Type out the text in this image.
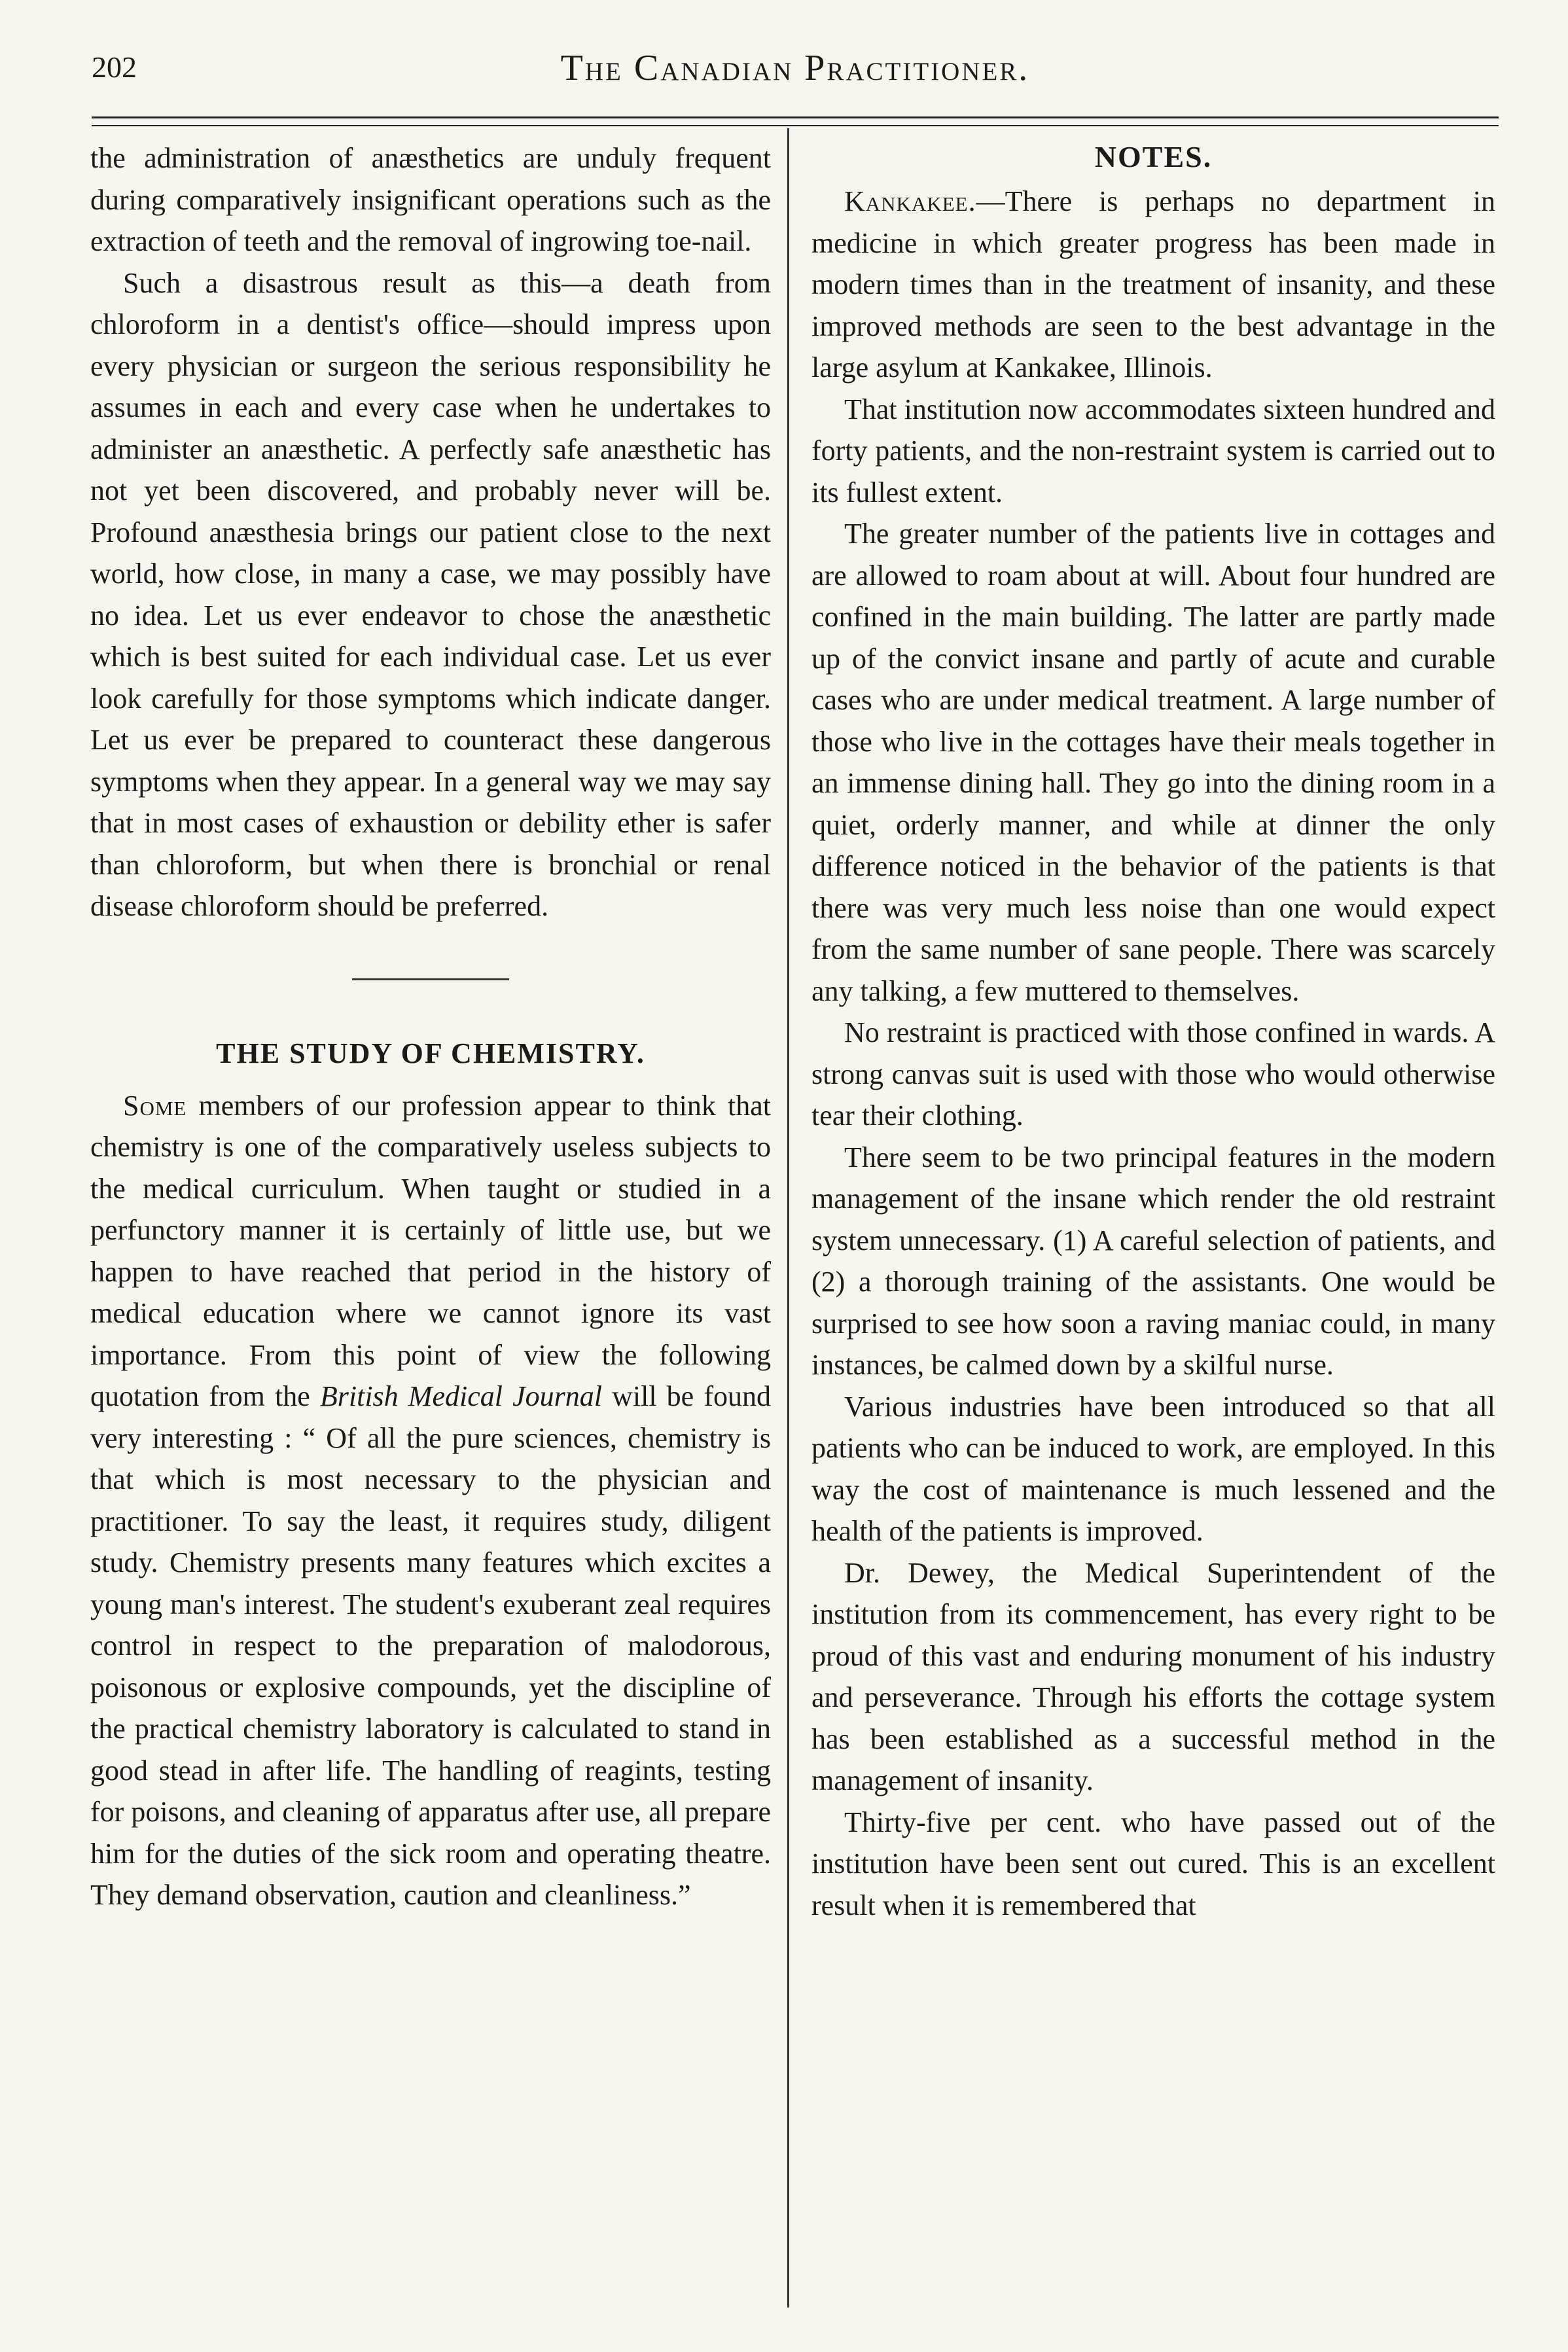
202	The Canadian Practitioner.

the administration of anæsthetics are unduly frequent during comparatively insignificant operations such as the extraction of teeth and the removal of ingrowing toe-nail.

Such a disastrous result as this—a death from chloroform in a dentist's office—should impress upon every physician or surgeon the serious responsibility he assumes in each and every case when he undertakes to administer an anæsthetic. A perfectly safe anæsthetic has not yet been discovered, and probably never will be. Profound anæsthesia brings our patient close to the next world, how close, in many a case, we may possibly have no idea. Let us ever endeavor to chose the anæsthetic which is best suited for each individual case. Let us ever look carefully for those symptoms which indicate danger. Let us ever be prepared to counteract these dangerous symptoms when they appear. In a general way we may say that in most cases of exhaustion or debility ether is safer than chloroform, but when there is bronchial or renal disease chloroform should be preferred.

THE STUDY OF CHEMISTRY.

Some members of our profession appear to think that chemistry is one of the comparatively useless subjects to the medical curriculum. When taught or studied in a perfunctory manner it is certainly of little use, but we happen to have reached that period in the history of medical education where we cannot ignore its vast importance. From this point of view the following quotation from the British Medical Journal will be found very interesting : “ Of all the pure sciences, chemistry is that which is most necessary to the physician and practitioner. To say the least, it requires study, diligent study. Chemistry presents many features which excites a young man's interest. The student's exuberant zeal requires control in respect to the preparation of malodorous, poisonous or explosive compounds, yet the discipline of the practical chemistry laboratory is calculated to stand in good stead in after life. The handling of reagints, testing for poisons, and cleaning of apparatus after use, all prepare him for the duties of the sick room and operating theatre. They demand observation, caution and cleanliness.”

NOTES.

Kankakee.—There is perhaps no department in medicine in which greater progress has been made in modern times than in the treatment of insanity, and these improved methods are seen to the best advantage in the large asylum at Kankakee, Illinois.

That institution now accommodates sixteen hundred and forty patients, and the non-restraint system is carried out to its fullest extent.

The greater number of the patients live in cottages and are allowed to roam about at will. About four hundred are confined in the main building. The latter are partly made up of the convict insane and partly of acute and curable cases who are under medical treatment. A large number of those who live in the cottages have their meals together in an immense dining hall. They go into the dining room in a quiet, orderly manner, and while at dinner the only difference noticed in the behavior of the patients is that there was very much less noise than one would expect from the same number of sane people. There was scarcely any talking, a few muttered to themselves.

No restraint is practiced with those confined in wards. A strong canvas suit is used with those who would otherwise tear their clothing.

There seem to be two principal features in the modern management of the insane which render the old restraint system unnecessary. (1) A careful selection of patients, and (2) a thorough training of the assistants. One would be surprised to see how soon a raving maniac could, in many instances, be calmed down by a skilful nurse.

Various industries have been introduced so that all patients who can be induced to work, are employed. In this way the cost of maintenance is much lessened and the health of the patients is improved.

Dr. Dewey, the Medical Superintendent of the institution from its commencement, has every right to be proud of this vast and enduring monument of his industry and perseverance. Through his efforts the cottage system has been established as a successful method in the management of insanity.

Thirty-five per cent. who have passed out of the institution have been sent out cured. This is an excellent result when it is remembered that
